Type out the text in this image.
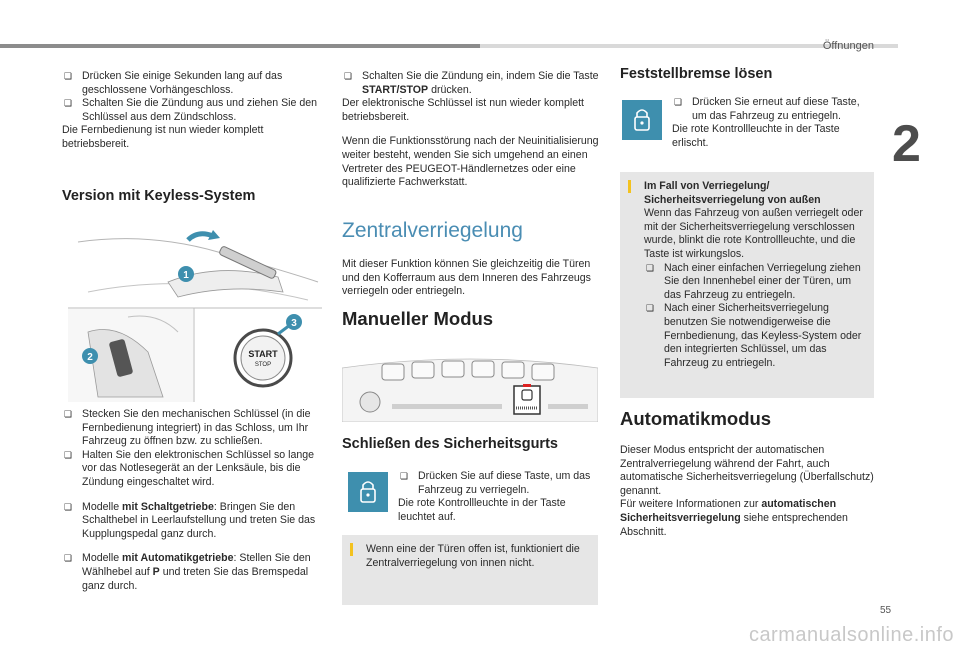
Öffnungen
2
❏ Drücken Sie einige Sekunden lang auf das geschlossene Vorhängeschloss.
❏ Schalten Sie die Zündung aus und ziehen Sie den Schlüssel aus dem Zündschloss.

Die Fernbedienung ist nun wieder komplett betriebsbereit.

Version mit Keyless-System
START
STOP
1
2
3
❏ Stecken Sie den mechanischen Schlüssel (in die Fernbedienung integriert) in das Schloss, um Ihr Fahrzeug zu öffnen bzw. zu schließen.
❏ Halten Sie den elektronischen Schlüssel so lange vor das Notlesegerät an der Lenksäule, bis die Zündung eingeschaltet wird.
❏ Modelle mit Schaltgetriebe: Bringen Sie den Schalthebel in Leerlaufstellung und treten Sie das Kupplungspedal ganz durch.
❏ Modelle mit Automatikgetriebe: Stellen Sie den Wählhebel auf P und treten Sie das Bremspedal ganz durch.
❏ Schalten Sie die Zündung ein, indem Sie die Taste START/STOP drücken.

Der elektronische Schlüssel ist nun wieder komplett betriebsbereit.

Wenn die Funktionsstörung nach der Neuinitialisierung weiter besteht, wenden Sie sich umgehend an einen Vertreter des PEUGEOT-Händlernetzes oder eine qualifizierte Fachwerkstatt.

Zentralverriegelung

Mit dieser Funktion können Sie gleichzeitig die Türen und den Kofferraum aus dem Inneren des Fahrzeugs verriegeln oder entriegeln.

Manueller Modus
Schließen des Sicherheitsgurts
❏ Drücken Sie auf diese Taste, um das Fahrzeug zu verriegeln.

Die rote Kontrollleuchte in der Taste leuchtet auf.

Wenn eine der Türen offen ist, funktioniert die Zentralverriegelung von innen nicht.

Feststellbremse lösen
❏ Drücken Sie erneut auf diese Taste, um das Fahrzeug zu entriegeln.

Die rote Kontrollleuchte in der Taste erlischt.

Im Fall von Verriegelung/ Sicherheitsverriegelung von außen

Wenn das Fahrzeug von außen verriegelt oder mit der Sicherheitsverriegelung verschlossen wurde, blinkt die rote Kontrollleuchte, und die Taste ist wirkungslos.

❏ Nach einer einfachen Verriegelung ziehen Sie den Innenhebel einer der Türen, um das Fahrzeug zu entriegeln.
❏ Nach einer Sicherheitsverriegelung benutzen Sie notwendigerweise die Fernbedienung, das Keyless-System oder den integrierten Schlüssel, um das Fahrzeug zu entriegeln.
Automatikmodus

Dieser Modus entspricht der automatischen Zentralverriegelung während der Fahrt, auch automatische Sicherheitsverriegelung (Überfallschutz) genannt.

Für weitere Informationen zur automatischen Sicherheitsverriegelung siehe entsprechenden Abschnitt.

55
carmanualsonline.info
